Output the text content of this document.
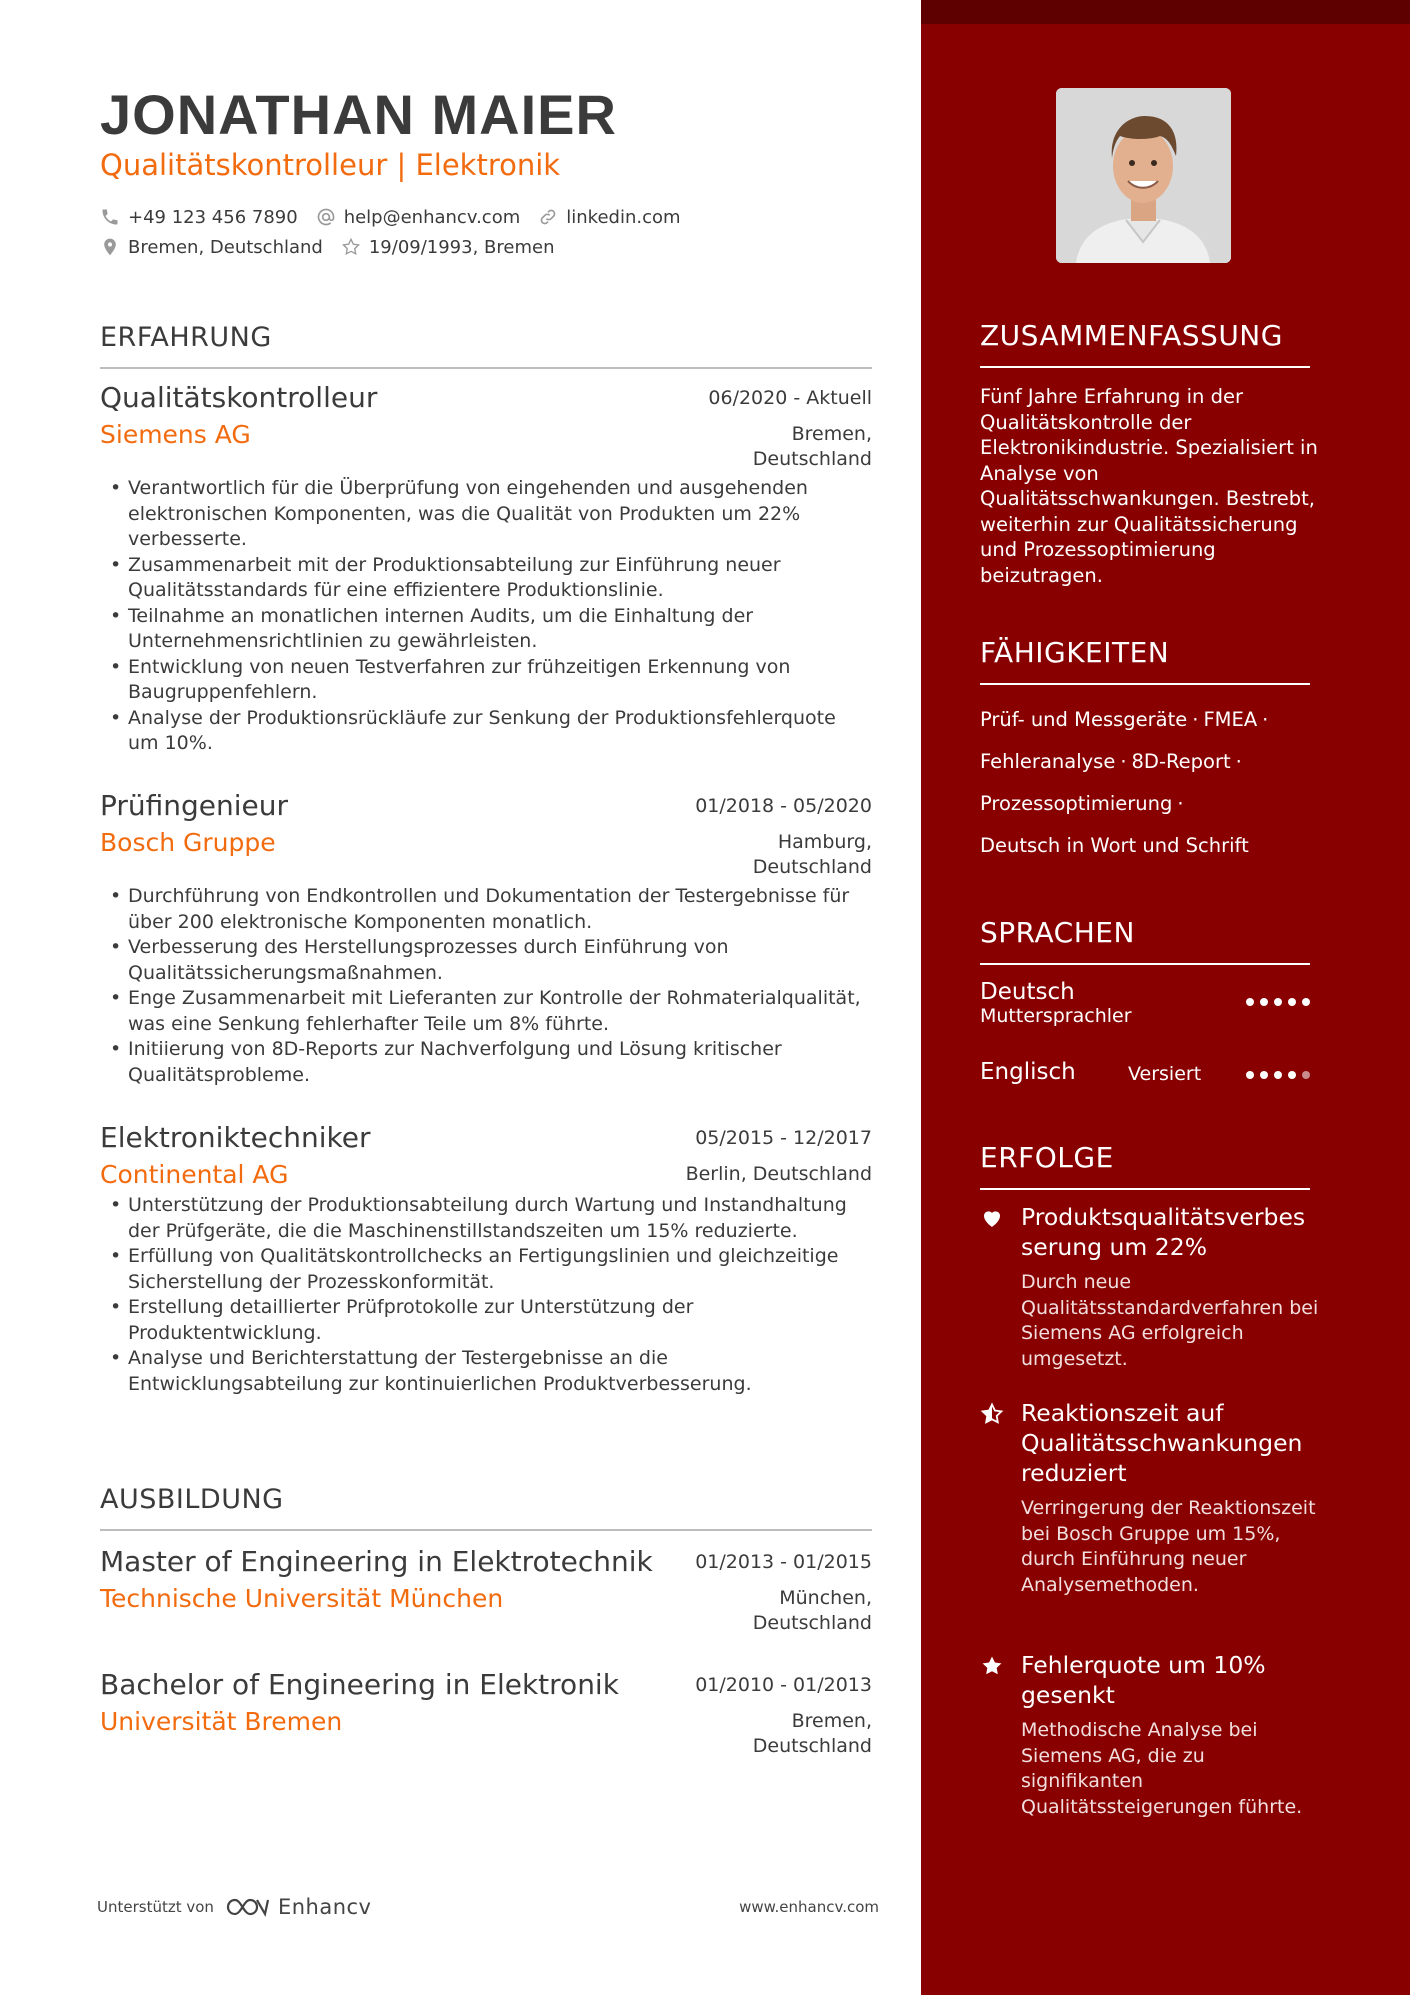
JONATHAN MAIER
Qualitätskontrolleur | Elektronik
+49 123 456 7890	help@enhancv.com	linkedin.com
Bremen, Deutschland	19/09/1993, Bremen
ERFAHRUNG
Qualitätskontrolleur	06/2020 - Aktuell
Siemens AG	Bremen,
Deutschland
• Verantwortlich für die Überprüfung von eingehenden und ausgehenden elektronischen Komponenten, was die Qualität von Produkten um 22% verbesserte.
• Zusammenarbeit mit der Produktionsabteilung zur Einführung neuer Qualitätsstandards für eine effizientere Produktionslinie.
• Teilnahme an monatlichen internen Audits, um die Einhaltung der Unternehmensrichtlinien zu gewährleisten.
• Entwicklung von neuen Testverfahren zur frühzeitigen Erkennung von Baugruppenfehlern.
• Analyse der Produktionsrückläufe zur Senkung der Produktionsfehlerquote um 10%.
Prüfingenieur	01/2018 - 05/2020
Bosch Gruppe	Hamburg,
Deutschland
• Durchführung von Endkontrollen und Dokumentation der Testergebnisse für über 200 elektronische Komponenten monatlich.
• Verbesserung des Herstellungsprozesses durch Einführung von Qualitätssicherungsmaßnahmen.
• Enge Zusammenarbeit mit Lieferanten zur Kontrolle der Rohmaterialqualität, was eine Senkung fehlerhafter Teile um 8% führte.
• Initiierung von 8D-Reports zur Nachverfolgung und Lösung kritischer Qualitätsprobleme.
Elektroniktechniker	05/2015 - 12/2017
Continental AG	Berlin, Deutschland
• Unterstützung der Produktionsabteilung durch Wartung und Instandhaltung der Prüfgeräte, die die Maschinenstillstandszeiten um 15% reduzierte.
• Erfüllung von Qualitätskontrollchecks an Fertigungslinien und gleichzeitige Sicherstellung der Prozesskonformität.
• Erstellung detaillierter Prüfprotokolle zur Unterstützung der Produktentwicklung.
• Analyse und Berichterstattung der Testergebnisse an die Entwicklungsabteilung zur kontinuierlichen Produktverbesserung.
AUSBILDUNG
Master of Engineering in Elektrotechnik 01/2013 - 01/2015
Technische Universität München	München,
Deutschland
Bachelor of Engineering in Elektronik	01/2010 - 01/2013
Universität Bremen	Bremen,
Deutschland
Unterstützt von	Enhancv	www.enhancv.com
ZUSAMMENFASSUNG
Fünf Jahre Erfahrung in der Qualitätskontrolle der Elektronikindustrie. Spezialisiert in Analyse von Qualitätsschwankungen. Bestrebt, weiterhin zur Qualitätssicherung und Prozessoptimierung beizutragen.
FÄHIGKEITEN
Prüf- und Messgeräte · FMEA ·
Fehleranalyse · 8D-Report ·
Prozessoptimierung ·
Deutsch in Wort und Schrift
SPRACHEN
Deutsch
Muttersprachler
Englisch	Versiert
ERFOLGE
Produktsqualitätsverbes serung um 22%
Durch neue Qualitätsstandardverfahren bei Siemens AG erfolgreich umgesetzt.
Reaktionszeit auf Qualitätsschwankungen reduziert
Verringerung der Reaktionszeit bei Bosch Gruppe um 15%, durch Einführung neuer Analysemethoden.
Fehlerquote um 10% gesenkt
Methodische Analyse bei Siemens AG, die zu signifikanten Qualitätssteigerungen führte.
